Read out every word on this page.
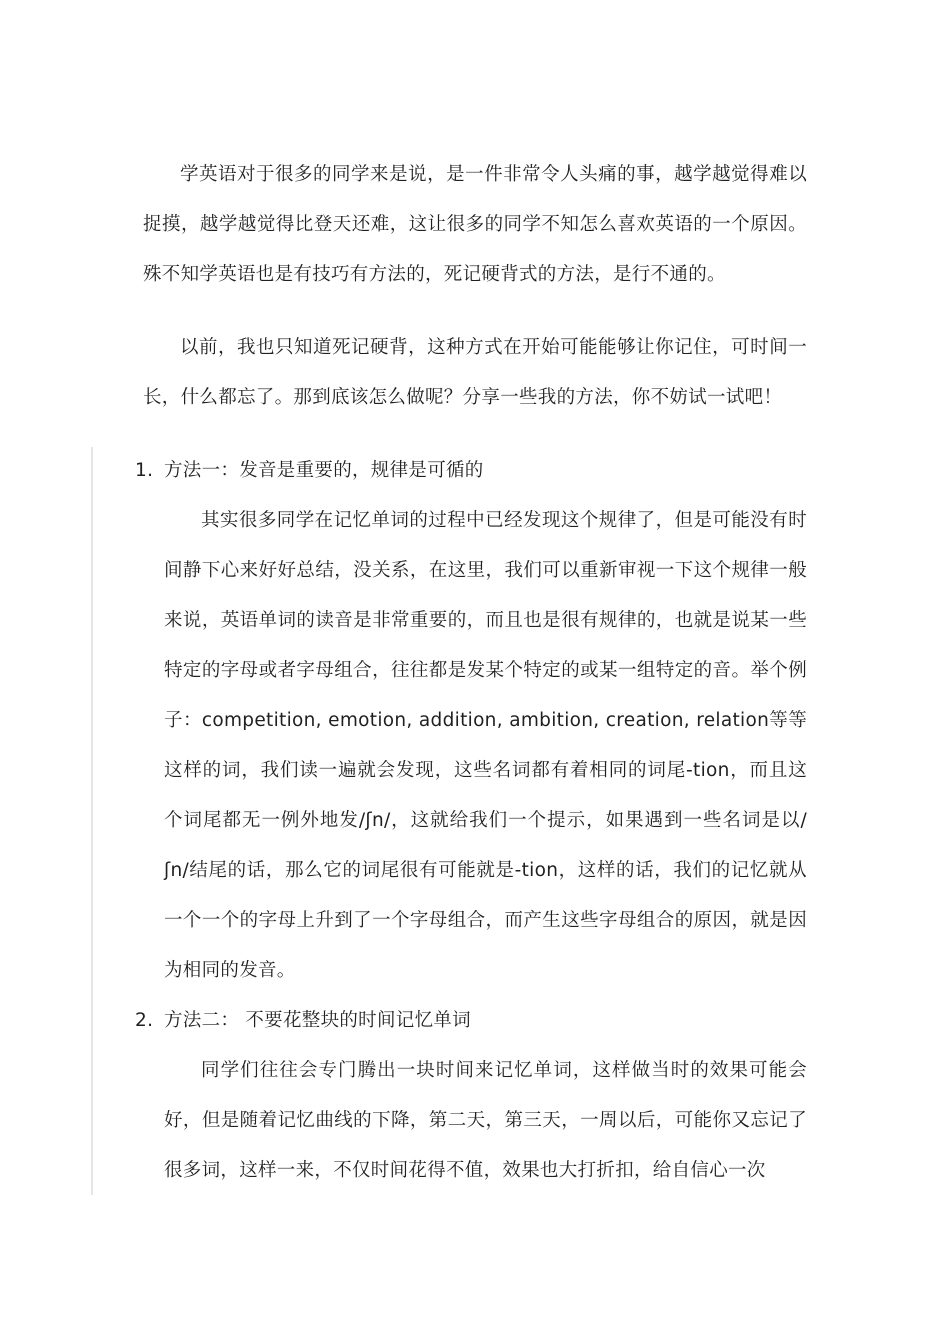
学英语对于很多的同学来是说，是一件非常令人头痛的事，越学越觉得难以捉摸，越学越觉得比登天还难，这让很多的同学不知怎么喜欢英语的一个原因。殊不知学英语也是有技巧有方法的，死记硬背式的方法，是行不通的。

以前，我也只知道死记硬背，这种方式在开始可能能够让你记住，可时间一长，什么都忘了。那到底该怎么做呢？分享一些我的方法，你不妨试一试吧！

1. 方法一：发音是重要的，规律是可循的

其实很多同学在记忆单词的过程中已经发现这个规律了，但是可能没有时间静下心来好好总结，没关系，在这里，我们可以重新审视一下这个规律一般来说，英语单词的读音是非常重要的，而且也是很有规律的，也就是说某一些特定的字母或者字母组合，往往都是发某个特定的或某一组特定的音。举个例子：competition, emotion, addition, ambition, creation, relation等等这样的词，我们读一遍就会发现，这些名词都有着相同的词尾-tion，而且这个词尾都无一例外地发/ʃn/，这就给我们一个提示，如果遇到一些名词是以/ʃn/结尾的话，那么它的词尾很有可能就是-tion，这样的话，我们的记忆就从一个一个的字母上升到了一个字母组合，而产生这些字母组合的原因，就是因为相同的发音。

2. 方法二： 不要花整块的时间记忆单词

同学们往往会专门腾出一块时间来记忆单词，这样做当时的效果可能会好，但是随着记忆曲线的下降，第二天，第三天，一周以后，可能你又忘记了很多词，这样一来，不仅时间花得不值，效果也大打折扣，给自信心一次
